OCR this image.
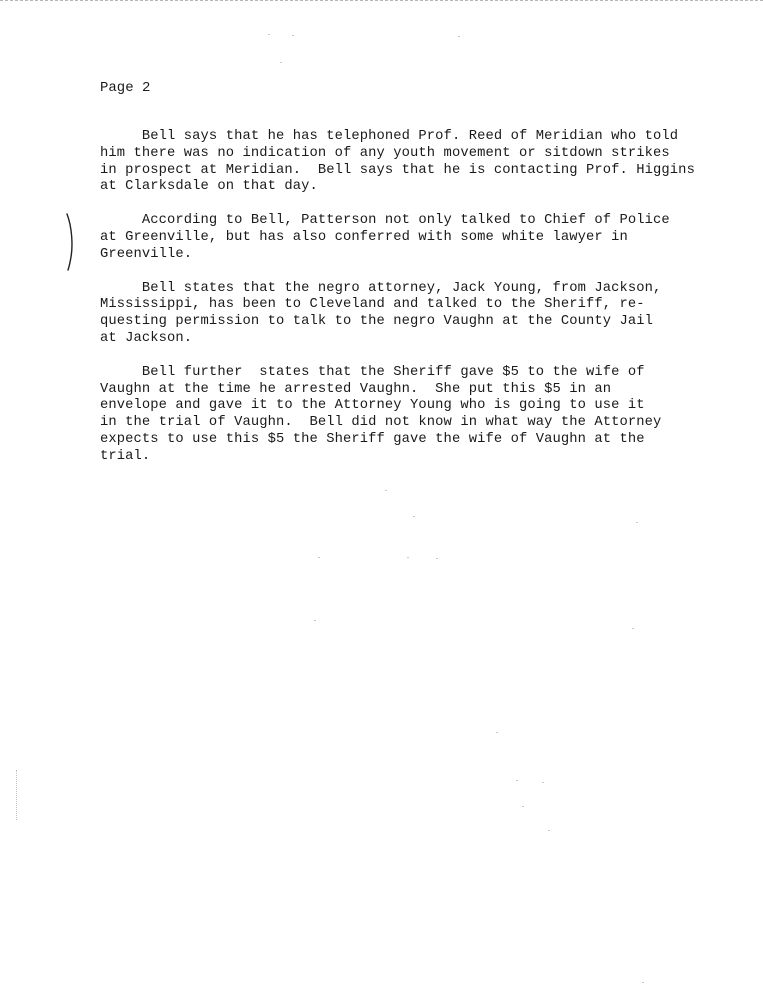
Page 2
Bell says that he has telephoned Prof. Reed of Meridian who told
him there was no indication of any youth movement or sitdown strikes
in prospect at Meridian.  Bell says that he is contacting Prof. Higgins
at Clarksdale on that day.
According to Bell, Patterson not only talked to Chief of Police
at Greenville, but has also conferred with some white lawyer in
Greenville.
Bell states that the negro attorney, Jack Young, from Jackson,
Mississippi, has been to Cleveland and talked to the Sheriff, re-
questing permission to talk to the negro Vaughn at the County Jail
at Jackson.
Bell further  states that the Sheriff gave $5 to the wife of
Vaughn at the time he arrested Vaughn.  She put this $5 in an
envelope and gave it to the Attorney Young who is going to use it
in the trial of Vaughn.  Bell did not know in what way the Attorney
expects to use this $5 the Sheriff gave the wife of Vaughn at the
trial.
